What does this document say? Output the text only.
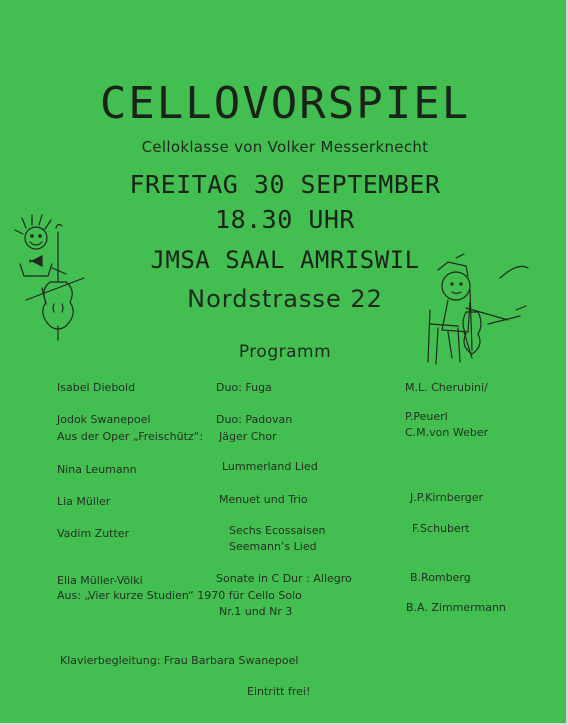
CELLOVORSPIEL
Celloklasse von Volker Messerknecht
FREITAG 30 SEPTEMBER
18.30 UHR
JMSA SAAL AMRISWIL
Nordstrasse 22
Programm
Isabel Diebold	Duo: Fuga	M.L. Cherubini/
Jodok Swanepoel	Duo: Padovan	P.Peuerl
Aus der Oper „Freischütz“: Jäger Chor	C.M.von Weber
Nina Leumann	Lummerland Lied
Lia Müller	Menuet und Trio	J.P.Kirnberger
Vadim Zutter	Sechs Ecossaisen	F.Schubert
Seemann’s Lied
Elia Müller-Völki	Sonate in C Dur : Allegro	B.Romberg
Aus: „Vier kurze Studien“ 1970 für Cello Solo
Nr.1 und Nr 3	B.A. Zimmermann
Klavierbegleitung: Frau Barbara Swanepoel
Eintritt frei!
